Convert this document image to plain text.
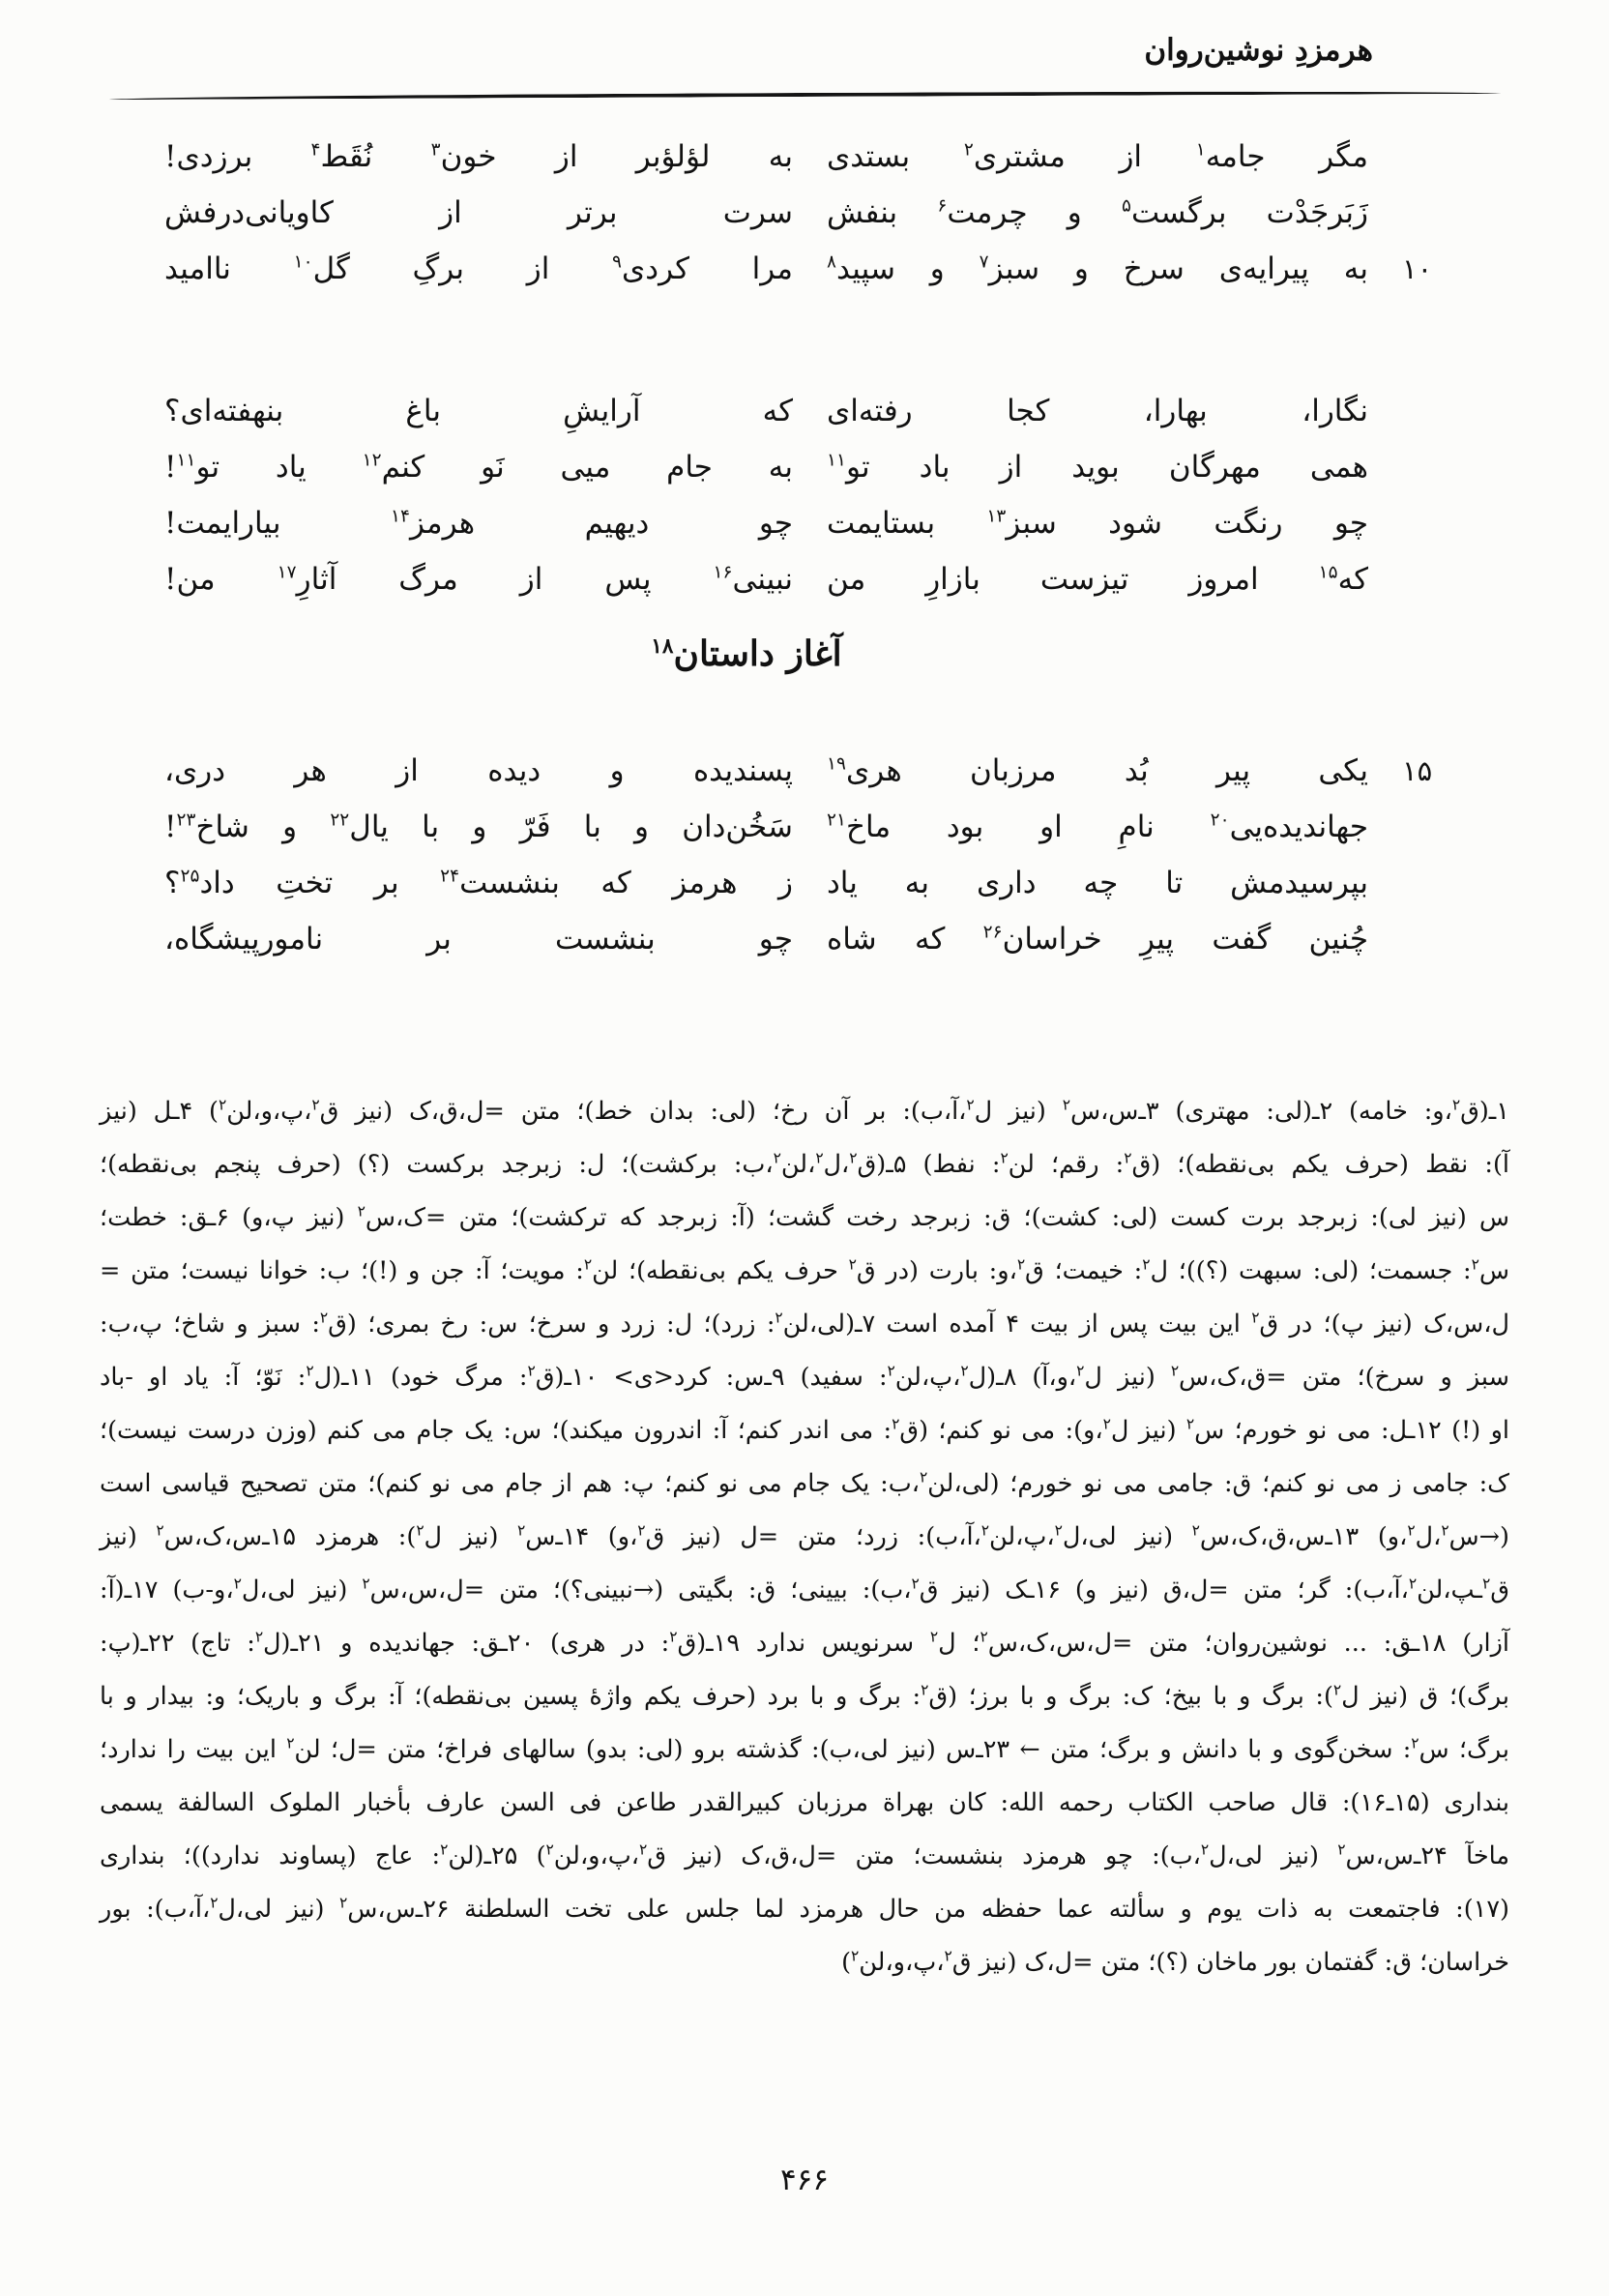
هرمزدِ نوشین‌روان
مگر جامه$^۱$ از مشتری$^۲$ بستدی
به لؤلؤبر از خون$^۳$ نُقَط$^۴$ برزدی!
زَبَرجَدْت برگست$^۵$ و چرمت$^۶$ بنفش
سرت برتر از کاویانی‌درفش
۱۰
به پیرایه‌ی سرخ و سبز$^۷$ و سپید$^۸$
مرا کردی$^۹$ از برگِ گل$^{۱۰}$ ناامید
نگارا، بهارا، کجا رفته‌ای
که آرایشِ باغ بنهفته‌ای؟
همی مهرگان بوید از باد تو$^{۱۱}$
به جام میی نَو کنم$^{۱۲}$ یاد تو$^{۱۱}$!
چو رنگت شود سبز$^{۱۳}$ بستایمت
چو دیهیم هرمز$^{۱۴}$ بیارایمت!
که$^{۱۵}$ امروز تیزست بازارِ من
نبینی$^{۱۶}$ پس از مرگ آثارِ$^{۱۷}$ من!
آغاز داستان$^{۱۸}$
۱۵
یکی پیر بُد مرزبان هری$^{۱۹}$
پسندیده و دیده از هر دری،
جهاندیده‌یی$^{۲۰}$ نامِ او بود ماخ$^{۲۱}$
سَخُن‌دان و با فَرّ و با یال$^{۲۲}$ و شاخ$^{۲۳}$!
بپرسیدمش تا چه داری به یاد
ز هرمز که بنشست$^{۲۴}$ بر تختِ داد$^{۲۵}$؟
چُنین گفت پیرِ خراسان$^{۲۶}$ که شاه
چو بنشست بر نامورپیشگاه،
۱ـ(ق$^۲$،و: خامه) ۲ـ(لی: مهتری) ۳ـ‌س،س$^۲$ (نیز ل$^۲$،آ،ب): بر آن رخ؛ (لی: بدان خط)؛ متن =ل،ق،ک (نیز ق$^۲$،پ،و،لن$^۲$) ۴ـل (نیز
آ): نقط (حرف یکم بی‌نقطه)؛ (ق$^۲$: رقم؛ لن$^۲$: نفط) ۵ـ(ق$^۲$،ل$^۲$،لن$^۲$،ب: برکشت)؛ ل: زبرجد برکست (؟) (حرف پنجم بی‌نقطه)؛
س (نیز لی): زبرجد برت کست (لی: کشت)؛ ق: زبرجد رخت گشت؛ (آ: زبرجد که ترکشت)؛ متن =ک،س$^۲$ (نیز پ،و) ۶ـق: خطت؛
س$^۲$: جسمت؛ (لی: سبهت (؟))؛ ل$^۲$: خیمت؛ ق$^۲$،و: بارت (در ق$^۲$ حرف یکم بی‌نقطه)؛ لن$^۲$: مویت؛ آ: جن و (!)؛ ب: خوانا نیست؛ متن =
ل،س،ک (نیز پ)؛ در ق$^۲$ این بیت پس از بیت ۴ آمده است ۷ـ(لی،لن$^۲$: زرد)؛ ل: زرد و سرخ؛ س: رخ بمری؛ (ق$^۲$: سبز و شاخ؛ پ،ب:
سبز و سرخ)؛ متن =ق،ک،س$^۲$ (نیز ل$^۲$،و،آ) ۸ـ(ل$^۲$،پ،لن$^۲$: سفید) ۹ـ‌س: کرد<ی> ۱۰ـ(ق$^۲$: مرگ خود) ۱۱ـ(ل$^۲$: نَوّ؛ آ: یاد او -باد
او (!) ۱۲ـل: می نو خورم؛ س$^۲$ (نیز ل$^۲$،و): می نو کنم؛ (ق$^۲$: می اندر کنم؛ آ: اندرون میکند)؛ س: یک جام می کنم (وزن درست نیست)؛
ک: جامی ز می نو کنم؛ ق: جامی می نو خورم؛ (لی،لن$^۲$،ب: یک جام می نو کنم؛ پ: هم از جام می نو کنم)؛ متن تصحیح قیاسی است
(→س$^۲$،ل$^۲$،و) ۱۳ـ‌س،ق،ک،س$^۲$ (نیز لی،ل$^۲$،پ،لن$^۲$،آ،ب): زرد؛ متن =ل (نیز ق$^۲$،و) ۱۴ـ‌س$^۲$ (نیز ل$^۲$): هرمزد ۱۵ـ‌س،ک،س$^۲$ (نیز
ق$^۲$ـپ،لن$^۲$،آ،ب): گر؛ متن =ل،ق (نیز و) ۱۶ـک (نیز ق$^۲$،ب): بیینی؛ ق: بگیتی (→نبینی؟)؛ متن =ل،س،س$^۲$ (نیز لی،ل$^۲$،و-ب) ۱۷ـ(آ:
آزار) ۱۸ـق: ... نوشین‌روان؛ متن =ل،س،ک،س$^۲$؛ ل$^۲$ سرنویس ندارد ۱۹ـ(ق$^۲$: در هری) ۲۰ـق: جهاندیده و ۲۱ـ(ل$^۲$: تاج) ۲۲ـ(پ:
برگ)؛ ق (نیز ل$^۲$): برگ و با بیخ؛ ک: برگ و با برز؛ (ق$^۲$: برگ و با برد (حرف یکم واژهٔ پسین بی‌نقطه)؛ آ: برگ و باریک؛ و: بیدار و با
برگ؛ س$^۲$: سخن‌گوی و با دانش و برگ؛ متن ← ۲۳ـ‌س (نیز لی،ب): گذشته برو (لی: بدو) سالهای فراخ؛ متن =ل؛ لن$^۲$ این بیت را ندارد؛
بنداری (۱۵ـ۱۶): قال صاحب الکتاب رحمه الله: کان بهراة مرزبان کبیرالقدر طاعن فی السن عارف بأخبار الملوک السالفة یسمی
ماخآ ۲۴ـ‌س،س$^۲$ (نیز لی،ل$^۲$،ب): چو هرمزد بنشست؛ متن =ل،ق،ک (نیز ق$^۲$،پ،و،لن$^۲$) ۲۵ـ(لن$^۲$: عاج (پساوند ندارد))؛ بنداری
(۱۷): فاجتمعت به ذات یوم و سألته عما حفظه من حال هرمزد لما جلس علی تخت السلطنة ۲۶ـ‌س،س$^۲$ (نیز لی،ل$^۲$،آ،ب): بور
خراسان؛ ق: گفتمان بور ماخان (؟)؛ متن =ل،ک (نیز ق$^۲$،پ،و،لن$^۲$)
۴۶۶
